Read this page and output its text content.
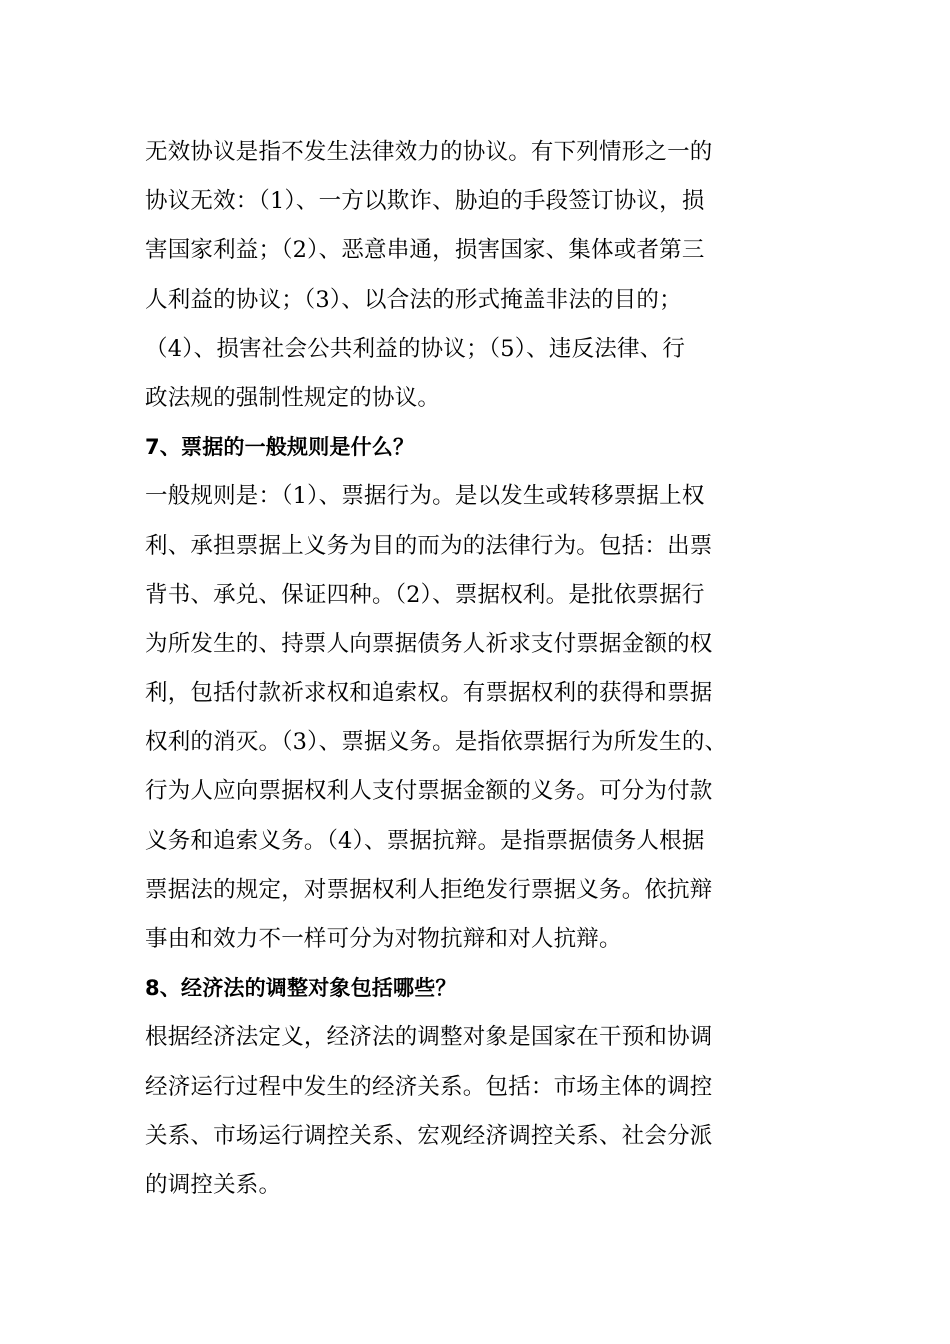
无效协议是指不发生法律效力的协议。有下列情形之一的
协议无效：（1）、一方以欺诈、胁迫的手段签订协议，损
害国家利益；（2）、恶意串通，损害国家、集体或者第三
人利益的协议；（3）、以合法的形式掩盖非法的目的；
（4）、损害社会公共利益的协议；（5）、违反法律、行
政法规的强制性规定的协议。
7、票据的一般规则是什么？
一般规则是：（1）、票据行为。是以发生或转移票据上权
利、承担票据上义务为目的而为的法律行为。包括：出票
背书、承兑、保证四种。（2）、票据权利。是批依票据行
为所发生的、持票人向票据债务人祈求支付票据金额的权
利，包括付款祈求权和追索权。有票据权利的获得和票据
权利的消灭。（3）、票据义务。是指依票据行为所发生的、
行为人应向票据权利人支付票据金额的义务。可分为付款
义务和追索义务。（4）、票据抗辩。是指票据债务人根据
票据法的规定，对票据权利人拒绝发行票据义务。依抗辩
事由和效力不一样可分为对物抗辩和对人抗辩。
8、经济法的调整对象包括哪些？
根据经济法定义，经济法的调整对象是国家在干预和协调
经济运行过程中发生的经济关系。包括：市场主体的调控
关系、市场运行调控关系、宏观经济调控关系、社会分派
的调控关系。
